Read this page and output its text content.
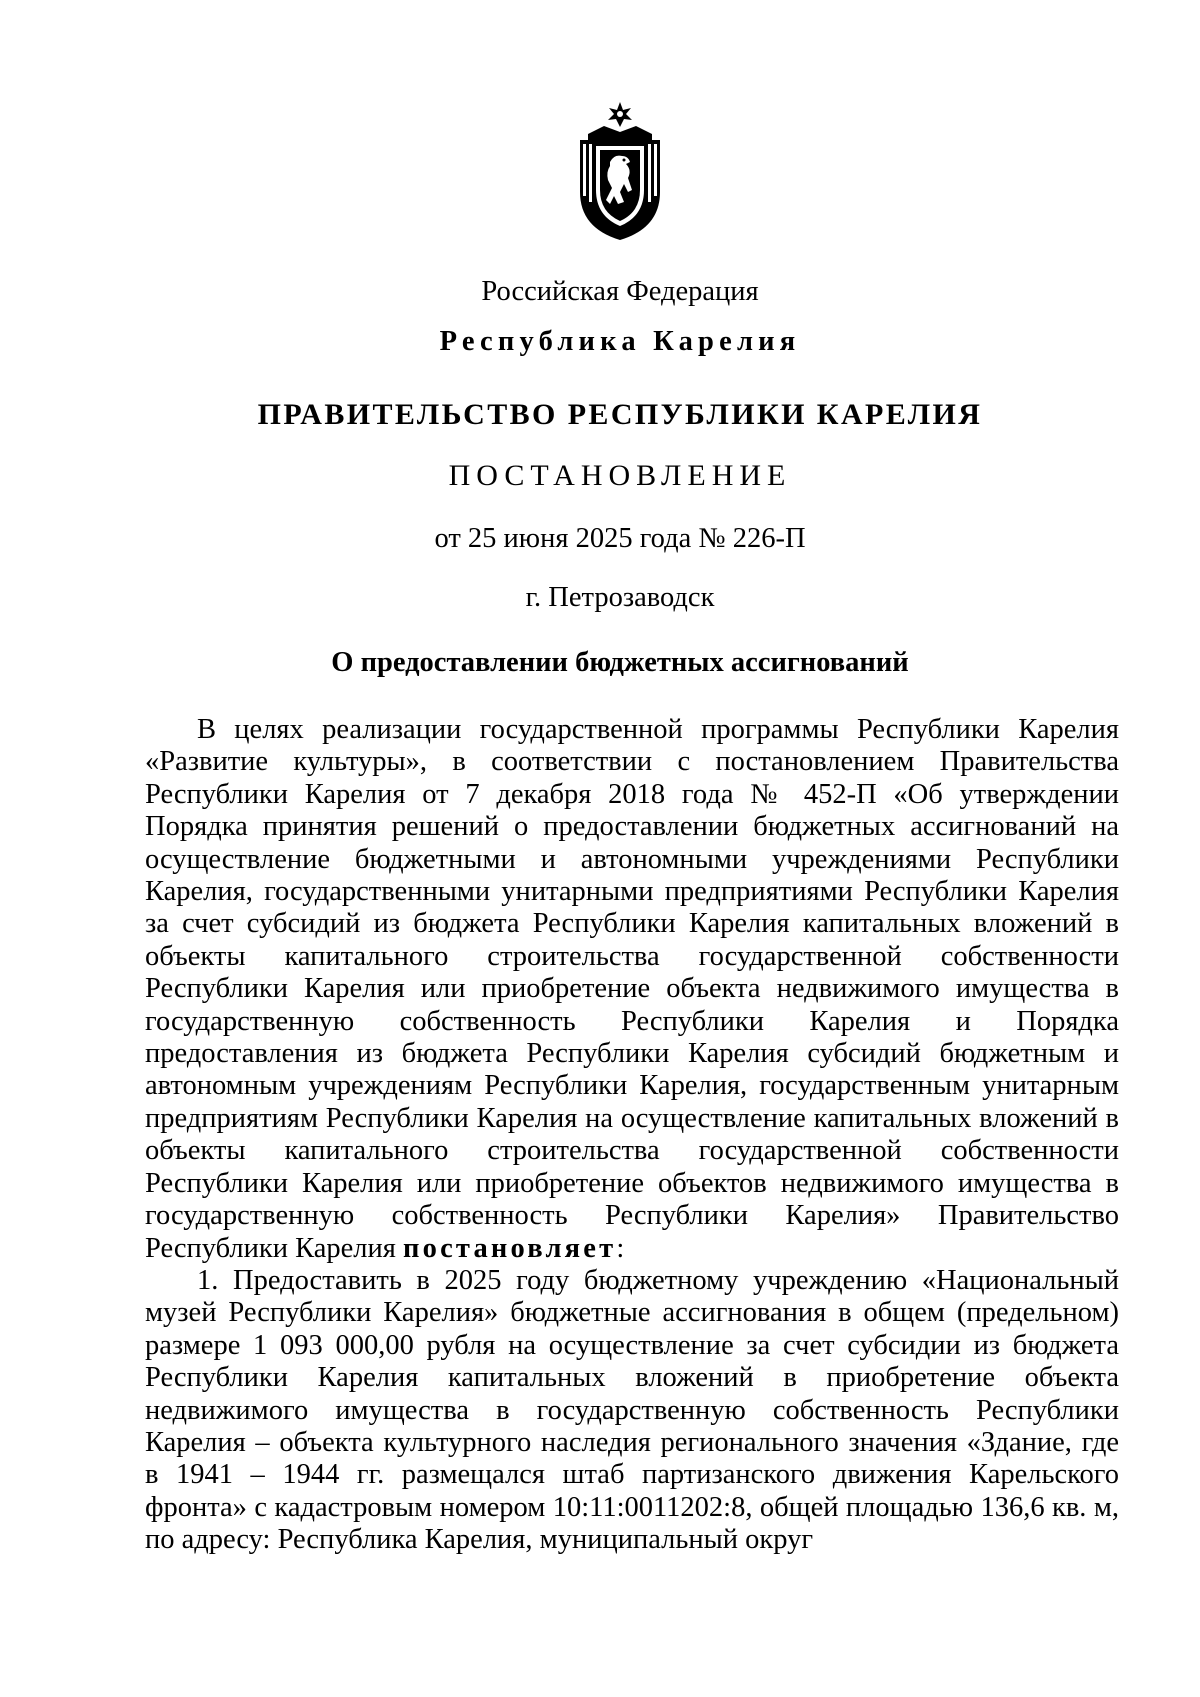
Российская Федерация
Республика Карелия
ПРАВИТЕЛЬСТВО РЕСПУБЛИКИ КАРЕЛИЯ
ПОСТАНОВЛЕНИЕ
от 25 июня 2025 года № 226-П
г. Петрозаводск
О предоставлении бюджетных ассигнований

В целях реализации государственной программы Республики Карелия «Развитие культуры», в соответствии с постановлением Правительства Республики Карелия от 7 декабря 2018 года № 452-П «Об утверждении Порядка принятия решений о предоставлении бюджетных ассигнований на осуществление бюджетными и автономными учреждениями Республики Карелия, государственными унитарными предприятиями Республики Карелия за счет субсидий из бюджета Республики Карелия капитальных вложений в объекты капитального строительства государственной собственности Республики Карелия или приобретение объекта недвижимого имущества в государственную собственность Республики Карелия и Порядка предоставления из бюджета Республики Карелия субсидий бюджетным и автономным учреждениям Республики Карелия, государственным унитарным предприятиям Республики Карелия на осуществление капитальных вложений в объекты капитального строительства государственной собственности Республики Карелия или приобретение объектов недвижимого имущества в государственную собственность Республики Карелия» Правительство Республики Карелия постановляет:

1. Предоставить в 2025 году бюджетному учреждению «Национальный музей Республики Карелия» бюджетные ассигнования в общем (предельном) размере 1 093 000,00 рубля на осуществление за счет субсидии из бюджета Республики Карелия капитальных вложений в приобретение объекта недвижимого имущества в государственную собственность Республики Карелия – объекта культурного наследия регионального значения «Здание, где в 1941 – 1944 гг. размещался штаб партизанского движения Карельского фронта» с кадастровым номером 10:11:0011202:8, общей площадью 136,6 кв. м, по адресу: Республика Карелия, муниципальный округ
